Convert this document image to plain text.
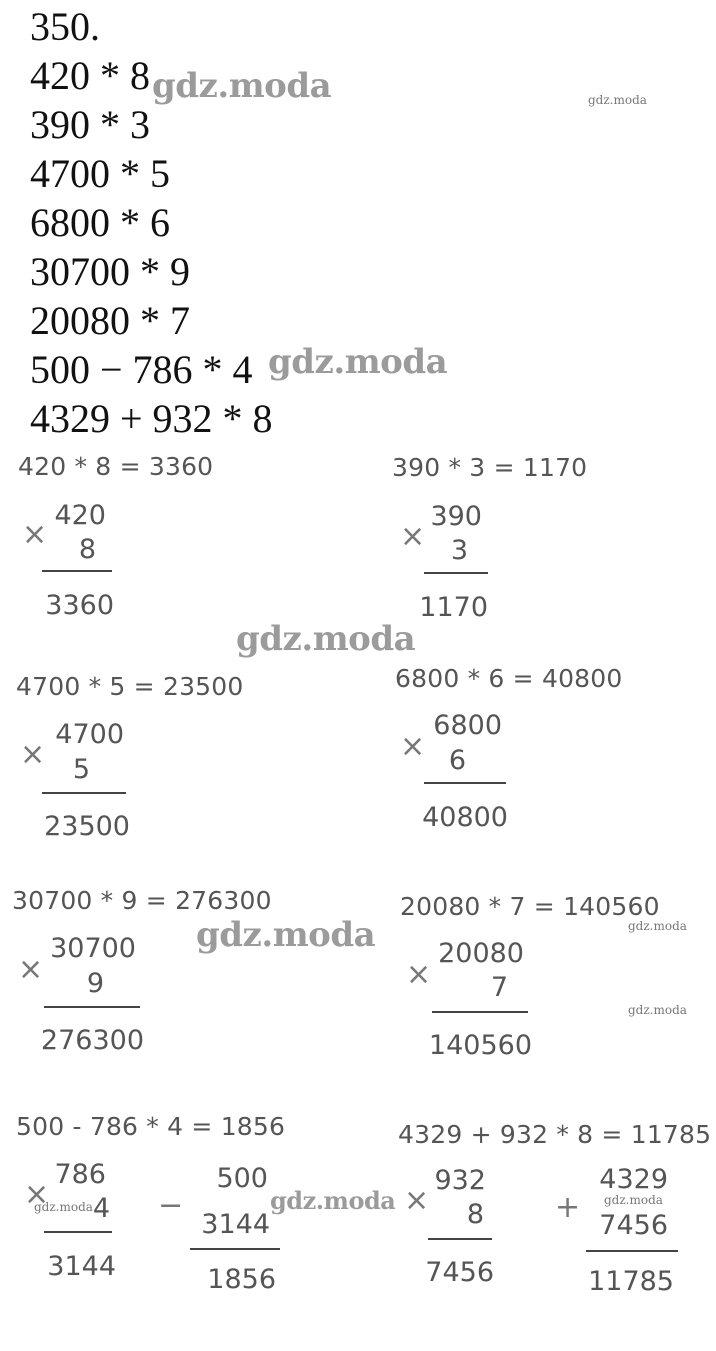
350.
420 * 8
390 * 3
4700 * 5
6800 * 6
30700 * 9
20080 * 7
500 − 786 * 4
4329 + 932 * 8
420 * 8 = 3360
×
420
8
3360
390 * 3 = 1170
×
390
3
1170
4700 * 5 = 23500
×
4700
5
23500
6800 * 6 = 40800
×
6800
6
40800
30700 * 9 = 276300
×
30700
9
276300
20080 * 7 = 140560
×
20080
7
140560
500 - 786 * 4 = 1856
×
786
4
3144
−
500
3144
1856
4329 + 932 * 8 = 11785
×
932
8
7456
+
4329
7456
11785
gdz.moda	gdz.moda
gdz.moda
gdz.moda
gdz.moda	gdz.moda
gdz.moda
gdz.moda	gdz.moda	gdz.moda
